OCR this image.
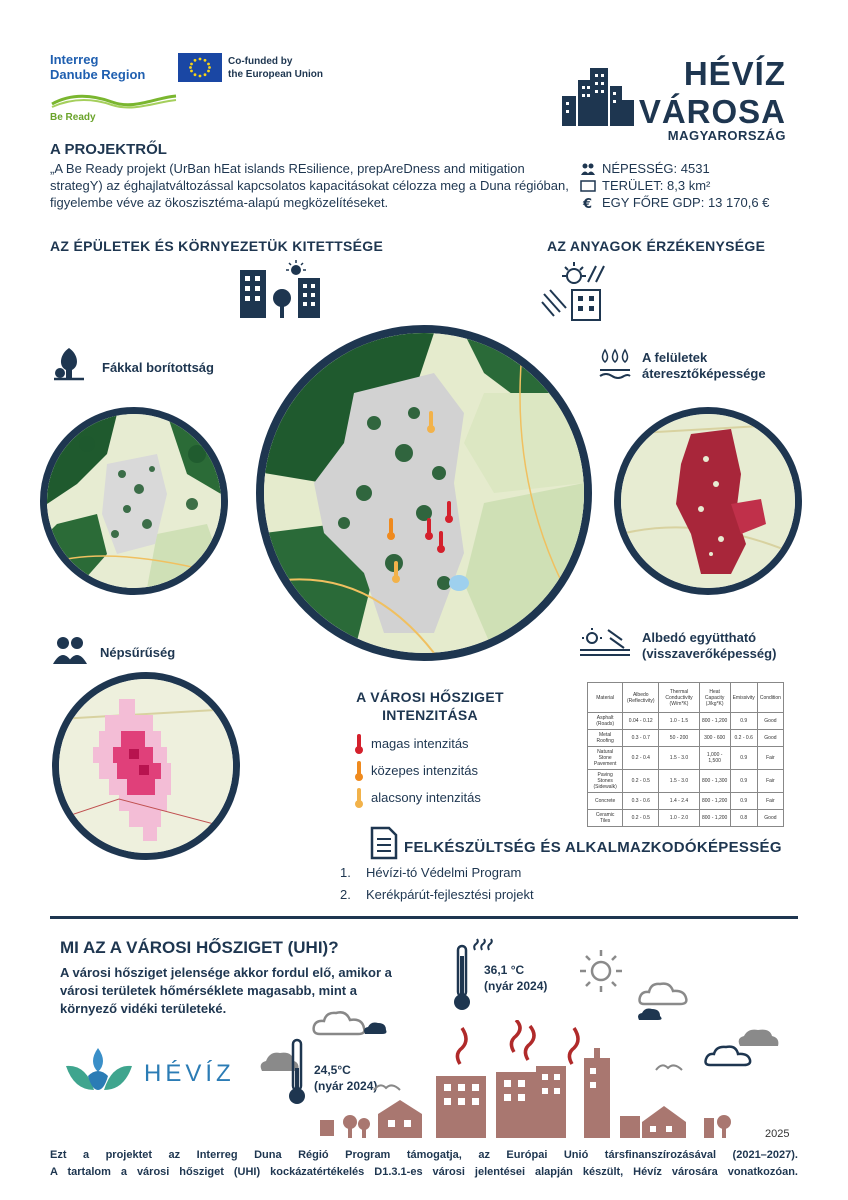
Interreg
Danube Region
Be Ready
Co-funded by
the European Union	HÉVÍZ
VÁROSA
MAGYARORSZÁG
A PROJEKTRŐL
„A Be Ready projekt (UrBan hEat islands REsilience, prepAreDness and mitigation strategY) az éghajlatváltozással kapcsolatos kapacitásokat célozza meg a Duna régióban, figyelembe véve az ökoszisztéma-alapú megközelítéseket.
NÉPESSÉG: 4531
TERÜLET: 8,3 km²
€ EGY FŐRE GDP: 13 170,6 €
AZ ÉPÜLETEK ÉS KÖRNYEZETÜK KITETTSÉGE	AZ ANYAGOK ÉRZÉKENYSÉGE
Fákkal borítottság
Népsűrűség
A felületek
áteresztőképessége
Albedó együttható
(visszaverőképesség)
Material	Albedo (Reflectivity)	Thermal Conductivity (W/m*K)	Heat Capacity (J/kg*K)	Emissivity	Condition
Asphalt (Roads)	0.04 - 0.12	1.0 - 1.5	800 - 1,200	0.9	Good
Metal Roofing	0.3 - 0.7	50 - 200	300 - 600	0.2 - 0.6	Good
Natural Stone Pavement	0.2 - 0.4	1.5 - 3.0	1,000 - 1,500	0.9	Fair
Paving Stones (Sidewalk)	0.2 - 0.5	1.5 - 3.0	800 - 1,300	0.9	Fair
Concrete	0.3 - 0.6	1.4 - 2.4	800 - 1,200	0.9	Fair
Ceramic Tiles	0.2 - 0.5	1.0 - 2.0	800 - 1,200	0.8	Good
A VÁROSI HŐSZIGET
INTENZITÁSA
magas intenzitás
közepes intenzitás
alacsony intenzitás
FELKÉSZÜLTSÉG ÉS ALKALMAZKODÓKÉPESSÉG
1. Hévízi-tó Védelmi Program
2. Kerékpárút-fejlesztési projekt
MI AZ A VÁROSI HŐSZIGET (UHI)?
A városi hősziget jelensége akkor fordul elő, amikor a városi területek hőmérséklete magasabb, mint a környező vidéki területeké.
HÉVÍZ	24,5°C
(nyár 2024)
36,1 °C
(nyár 2024)
2025
Ezt a projektet az Interreg Duna Régió Program támogatja, az Európai Unió társfinanszírozásával (2021–2027).
A tartalom a városi hősziget (UHI) kockázatértékelés D1.3.1-es városi jelentései alapján készült, Hévíz városára vonatkozóan.
